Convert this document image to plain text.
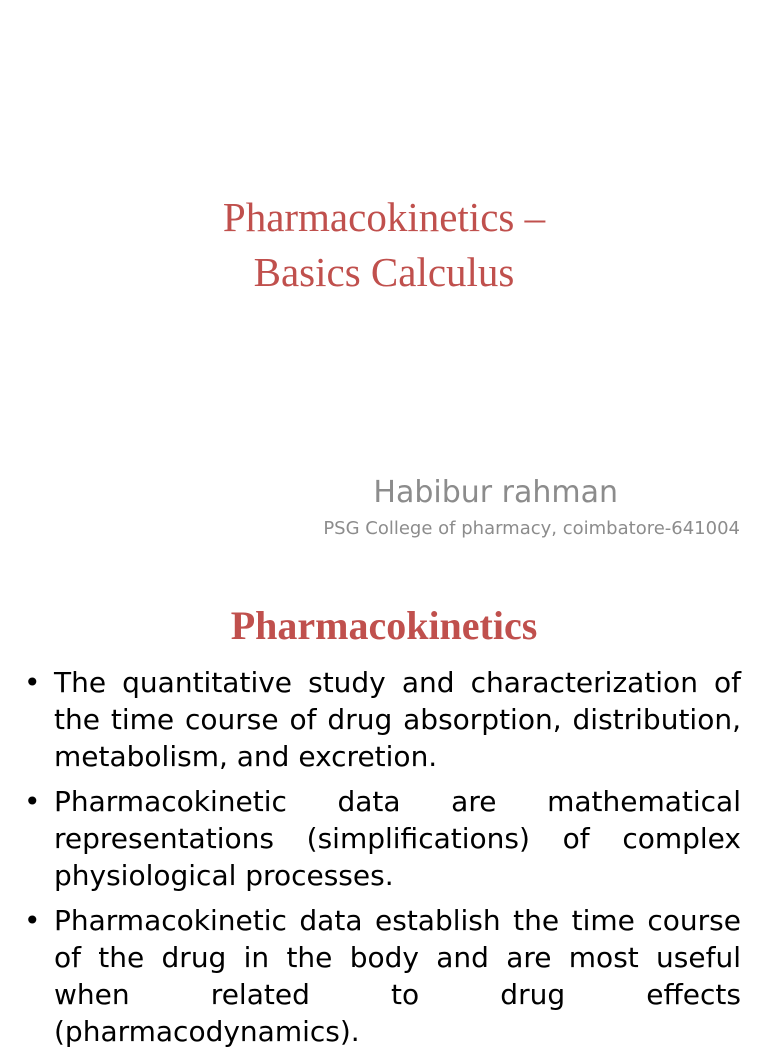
Pharmacokinetics –
Basics Calculus
Habibur rahman
PSG College of pharmacy, coimbatore-641004
Pharmacokinetics
• The quantitative study and characterization of the time course of drug absorption, distribution, metabolism, and excretion.
• Pharmacokinetic data are mathematical representations (simplifications) of complex physiological processes.
• Pharmacokinetic data establish the time course of the drug in the body and are most useful when related to drug effects (pharmacodynamics).
